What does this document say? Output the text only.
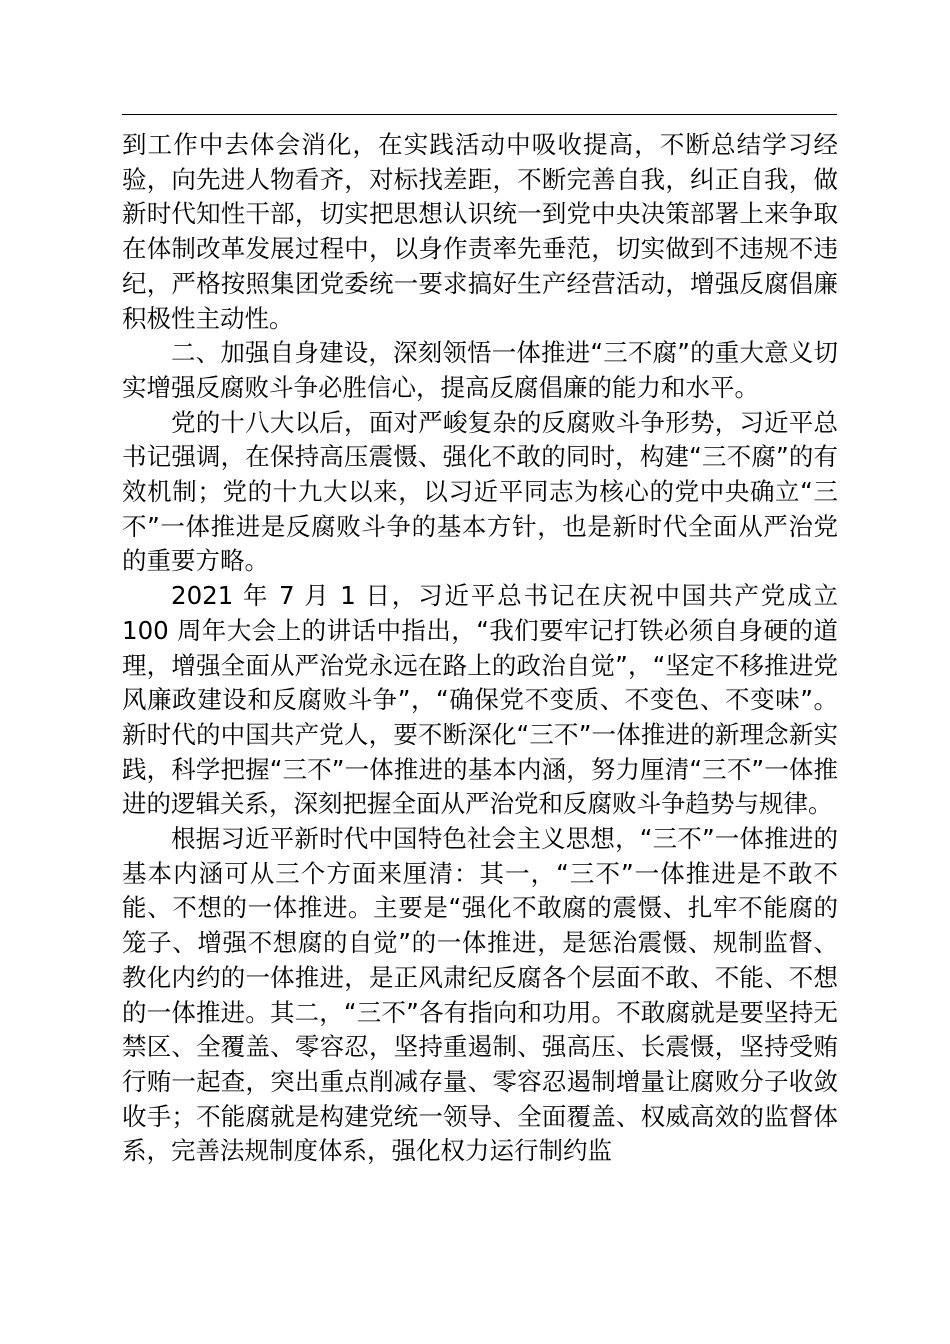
到工作中去体会消化，在实践活动中吸收提高，不断总结学习经验，向先进人物看齐，对标找差距，不断完善自我，纠正自我，做新时代知性干部，切实把思想认识统一到党中央决策部署上来争取在体制改革发展过程中，以身作责率先垂范，切实做到不违规不违纪，严格按照集团党委统一要求搞好生产经营活动，增强反腐倡廉积极性主动性。

二、加强自身建设，深刻领悟一体推进“三不腐”的重大意义切实增强反腐败斗争必胜信心，提高反腐倡廉的能力和水平。

党的十八大以后，面对严峻复杂的反腐败斗争形势，习近平总书记强调，在保持高压震慑、强化不敢的同时，构建“三不腐”的有效机制；党的十九大以来，以习近平同志为核心的党中央确立“三不”一体推进是反腐败斗争的基本方针，也是新时代全面从严治党的重要方略。

2021 年 7 月 1 日，习近平总书记在庆祝中国共产党成立 100 周年大会上的讲话中指出，“我们要牢记打铁必须自身硬的道理，增强全面从严治党永远在路上的政治自觉”，“坚定不移推进党风廉政建设和反腐败斗争”，“确保党不变质、不变色、不变味”。新时代的中国共产党人，要不断深化“三不”一体推进的新理念新实践，科学把握“三不”一体推进的基本内涵，努力厘清“三不”一体推进的逻辑关系，深刻把握全面从严治党和反腐败斗争趋势与规律。

根据习近平新时代中国特色社会主义思想，“三不”一体推进的基本内涵可从三个方面来厘清：其一，“三不”一体推进是不敢不能、不想的一体推进。主要是“强化不敢腐的震慑、扎牢不能腐的笼子、增强不想腐的自觉”的一体推进，是惩治震慑、规制监督、教化内约的一体推进，是正风肃纪反腐各个层面不敢、不能、不想的一体推进。其二，“三不”各有指向和功用。不敢腐就是要坚持无禁区、全覆盖、零容忍，坚持重遏制、强高压、长震慑，坚持受贿行贿一起查，突出重点削减存量、零容忍遏制增量让腐败分子收敛收手；不能腐就是构建党统一领导、全面覆盖、权威高效的监督体系，完善法规制度体系，强化权力运行制约监
